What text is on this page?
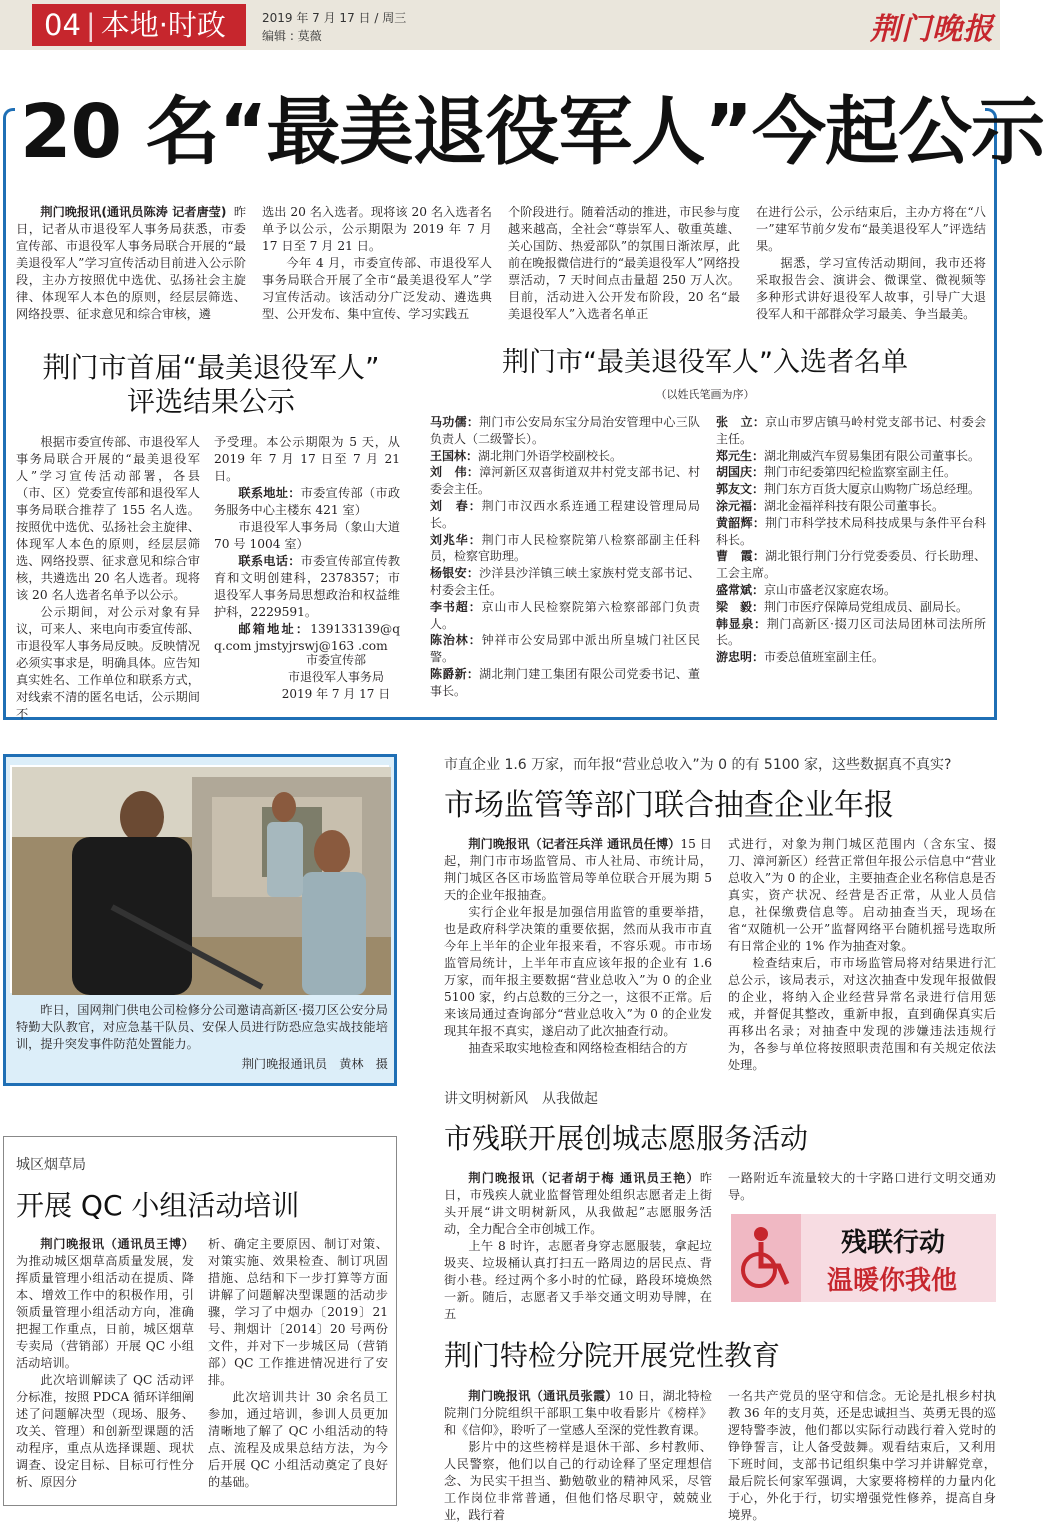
04 | 本地·时政	2019 年 7 月 17 日 / 周三
编辑 : 莫薇	荆门晚报
20 名“最美退役军人”今起公示
荆门晚报讯(通讯员陈涛 记者唐莹)昨日，记者从市退役军人事务局获悉，市委宣传部、市退役军人事务局联合开展的“最美退役军人”学习宣传活动目前进入公示阶段，主办方按照优中选优、弘扬社会主旋律、体现军人本色的原则，经层层筛选、网络投票、征求意见和综合审核，遴

选出 20 名入选者。现将该 20 名入选者名单予以公示，公示期限为 2019 年 7 月 17 日至 7 月 21 日。

今年 4 月，市委宣传部、市退役军人事务局联合开展了全市“最美退役军人”学习宣传活动。该活动分广泛发动、遴选典型、公开发布、集中宣传、学习实践五

个阶段进行。随着活动的推进，市民参与度越来越高，全社会“尊崇军人、敬重英雄、关心国防、热爱部队”的氛围日渐浓厚，此前在晚报微信进行的“最美退役军人”网络投票活动，7 天时间点击量超 250 万人次。目前，活动进入公开发布阶段，20 名“最美退役军人”入选者名单正

在进行公示，公示结束后，主办方将在“八一”建军节前夕发布“最美退役军人”评选结果。

据悉，学习宣传活动期间，我市还将采取报告会、演讲会、微课堂、微视频等多种形式讲好退役军人故事，引导广大退役军人和干部群众学习最美、争当最美。

荆门市首届“最美退役军人”
评选结果公示

根据市委宣传部、市退役军人事务局联合开展的“最美退役军人”学习宣传活动部署，各县（市、区）党委宣传部和退役军人事务局联合推荐了 155 名人选。按照优中选优、弘扬社会主旋律、体现军人本色的原则，经层层筛选、网络投票、征求意见和综合审核，共遴选出 20 名人选者。现将该 20 名人选者名单予以公示。

公示期间，对公示对象有异议，可来人、来电向市委宣传部、市退役军人事务局反映。反映情况必须实事求是，明确具体。应告知真实姓名、工作单位和联系方式，对线索不清的匿名电话，公示期间不

予受理。本公示期限为 5 天，从 2019 年 7 月 17 日至 7 月 21 日。

联系地址：市委宣传部（市政务服务中心主楼东 421 室）

市退役军人事务局（象山大道 70 号 1004 室）

联系电话：市委宣传部宣传教育和文明创建科，2378357；市退役军人事务局思想政治和权益维护科，2229591。

邮箱地址：139133139@qq.com jmstyjrswj@163 .com

市委宣传部

市退役军人事务局

2019 年 7 月 17 日

荆门市“最美退役军人”入选者名单
（以姓氏笔画为序）

马功儒：荆门市公安局东宝分局治安管理中心三队负责人（二级警长）。

王国林：湖北荆门外语学校副校长。

刘　伟：漳河新区双喜街道双井村党支部书记、村委会主任。

刘　春：荆门市汉西水系连通工程建设管理局局长。

刘兆华：荆门市人民检察院第八检察部副主任科员，检察官助理。

杨银安：沙洋县沙洋镇三峡土家族村党支部书记、村委会主任。

李书超：京山市人民检察院第六检察部部门负责人。

陈治林：钟祥市公安局郢中派出所皇城门社区民警。

陈爵新：湖北荆门建工集团有限公司党委书记、董事长。

张　立：京山市罗店镇马岭村党支部书记、村委会主任。

郑元生：湖北荆威汽车贸易集团有限公司董事长。

胡国庆：荆门市纪委第四纪检监察室副主任。

郭友文：荆门东方百货大厦京山购物广场总经理。

涂元福：湖北金福祥科技有限公司董事长。

黄韶辉：荆门市科学技术局科技成果与条件平台科科长。

曹　霞：湖北银行荆门分行党委委员、行长助理、工会主席。

盛常斌：京山市盛老汉家庭农场。

梁　毅：荆门市医疗保障局党组成员、副局长。

韩显泉：荆门高新区·掇刀区司法局团林司法所所长。

游忠明：市委总值班室副主任。

昨日，国网荆门供电公司检修分公司邀请高新区·掇刀区公安分局特勤大队教官，对应急基干队员、安保人员进行防恐应急实战技能培训，提升突发事件防范处置能力。

荆门晚报通讯员　黄林　摄
市直企业 1.6 万家，而年报“营业总收入”为 0 的有 5100 家，这些数据真不真实?
市场监管等部门联合抽查企业年报

荆门晚报讯（记者汪兵洋 通讯员任博）15 日起，荆门市市场监管局、市人社局、市统计局，荆门城区各区市场监管局等单位联合开展为期 5 天的企业年报抽查。

实行企业年报是加强信用监管的重要举措，也是政府科学决策的重要依据，然而从我市市直今年上半年的企业年报来看，不容乐观。市市场监管局统计，上半年市直应该年报的企业有 1.6 万家，而年报主要数据“营业总收入”为 0 的企业 5100 家，约占总数的三分之一，这很不正常。后来该局通过查询部分“营业总收入”为 0 的企业发现其年报不真实，遂启动了此次抽查行动。

抽查采取实地检查和网络检查相结合的方

式进行，对象为荆门城区范围内（含东宝、掇刀、漳河新区）经营正常但年报公示信息中“营业总收入”为 0 的企业，主要抽查企业名称信息是否真实，资产状况、经营是否正常，从业人员信息，社保缴费信息等。启动抽查当天，现场在省“双随机一公开”监督网络平台随机摇号选取所有日常企业的 1% 作为抽查对象。

检查结束后，市市场监管局将对结果进行汇总公示，该局表示，对这次抽查中发现年报做假的企业，将纳入企业经营异常名录进行信用惩戒，并督促其整改，重新申报，直到确保真实后再移出名录；对抽查中发现的涉嫌违法违规行为，各参与单位将按照职责范围和有关规定依法处理。

讲文明树新风　从我做起
市残联开展创城志愿服务活动

荆门晚报讯（记者胡于梅 通讯员王艳）昨日，市残疾人就业监督管理处组织志愿者走上街头开展“讲文明树新风，从我做起”志愿服务活动，全力配合全市创城工作。

上午 8 时许，志愿者身穿志愿服装，拿起垃圾夹、垃圾桶认真打扫五一路周边的居民点、背街小巷。经过两个多小时的忙碌，路段环境焕然一新。随后，志愿者又手举交通文明劝导牌，在五

一路附近车流量较大的十字路口进行文明交通劝导。

残联行动
温暖你我他
城区烟草局
开展 QC 小组活动培训

荆门晚报讯（通讯员王博）为推动城区烟草高质量发展，发挥质量管理小组活动在提质、降本、增效工作中的积极作用，引领质量管理小组活动方向，准确把握工作重点，日前，城区烟草专卖局（营销部）开展 QC 小组活动培训。

此次培训解读了 QC 活动评分标准，按照 PDCA 循环详细阐述了问题解决型（现场、服务、攻关、管理）和创新型课题的活动程序，重点从选择课题、现状调查、设定目标、目标可行性分析、原因分

析、确定主要原因、制订对策、对策实施、效果检查、制订巩固措施、总结和下一步打算等方面讲解了问题解决型课题的活动步骤，学习了中烟办〔2019〕21 号、荆烟计〔2014〕20 号两份文件，并对下一步城区局（营销部）QC 工作推进情况进行了安排。

此次培训共计 30 余名员工参加，通过培训，参训人员更加清晰地了解了 QC 小组活动的特点、流程及成果总结方法，为今后开展 QC 小组活动奠定了良好的基础。

荆门特检分院开展党性教育

荆门晚报讯（通讯员张霞）10 日，湖北特检院荆门分院组织干部职工集中收看影片《榜样》和《信仰》，聆听了一堂感人至深的党性教育课。

影片中的这些榜样是退休干部、乡村教师、人民警察，他们以自己的行动诠释了坚定理想信念、为民实干担当、勤勉敬业的精神风采，尽管工作岗位非常普通，但他们恪尽职守，兢兢业业，践行着

一名共产党员的坚守和信念。无论是扎根乡村执教 36 年的支月英，还是忠诚担当、英勇无畏的巡逻特警李波，他们都以实际行动践行着入党时的铮铮誓言，让人备受鼓舞。观看结束后，又利用下班时间，支部书记组织集中学习并讲解党章，最后院长何家军强调，大家要将榜样的力量内化于心，外化于行，切实增强党性修养，提高自身境界。
